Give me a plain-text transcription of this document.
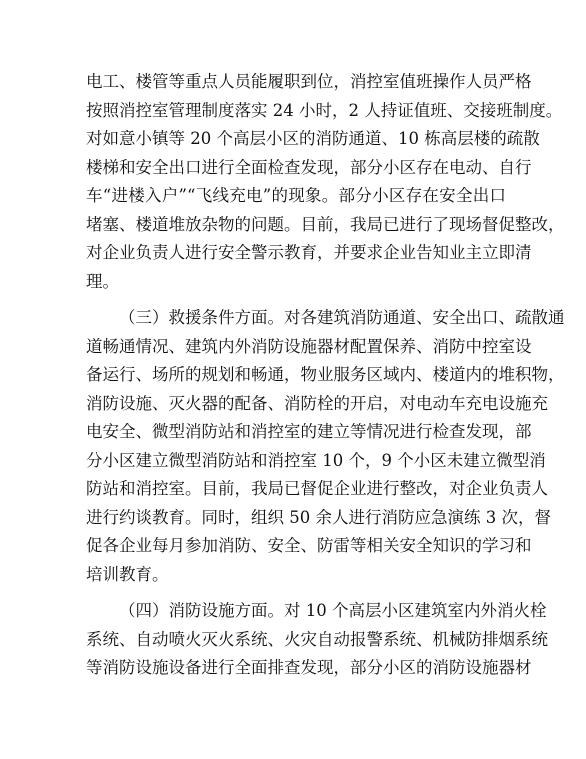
电工、楼管等重点人员能履职到位，消控室值班操作人员严格
按照消控室管理制度落实 24 小时，2 人持证值班、交接班制度。
对如意小镇等 20 个高层小区的消防通道、10 栋高层楼的疏散
楼梯和安全出口进行全面检查发现，部分小区存在电动、自行
车“进楼入户”“飞线充电”的现象。部分小区存在安全出口
堵塞、楼道堆放杂物的问题。目前，我局已进行了现场督促整改，
对企业负责人进行安全警示教育，并要求企业告知业主立即清
理。
（三）救援条件方面。对各建筑消防通道、安全出口、疏散通
道畅通情况、建筑内外消防设施器材配置保养、消防中控室设
备运行、场所的规划和畅通，物业服务区域内、楼道内的堆积物，
消防设施、灭火器的配备、消防栓的开启，对电动车充电设施充
电安全、微型消防站和消控室的建立等情况进行检查发现，部
分小区建立微型消防站和消控室 10 个，9 个小区未建立微型消
防站和消控室。目前，我局已督促企业进行整改，对企业负责人
进行约谈教育。同时，组织 50 余人进行消防应急演练 3 次，督
促各企业每月参加消防、安全、防雷等相关安全知识的学习和
培训教育。
（四）消防设施方面。对 10 个高层小区建筑室内外消火栓
系统、自动喷火灭火系统、火灾自动报警系统、机械防排烟系统
等消防设施设备进行全面排查发现，部分小区的消防设施器材
